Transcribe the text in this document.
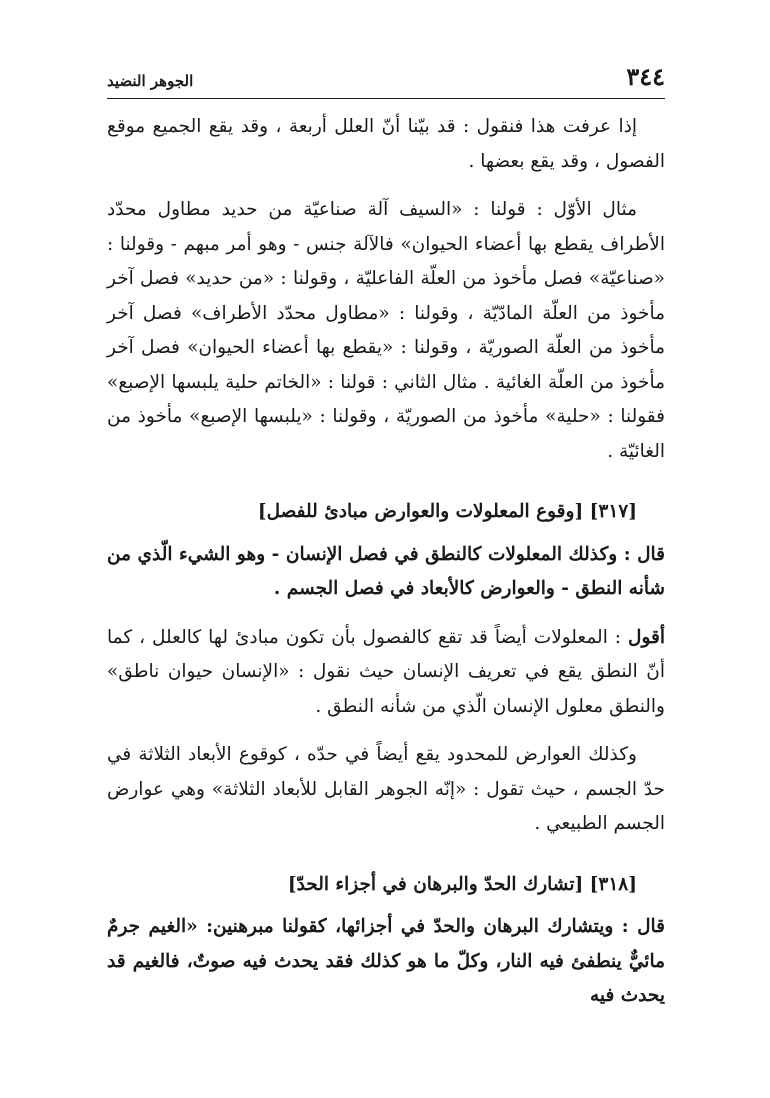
٣٤٤
الجوهر النضيد

إذا عرفت هذا فنقول : قد بيّنا أنّ العلل أربعة ، وقد يقع الجميع موقع الفصول ، وقد يقع بعضها .

مثال الأوّل : قولنا : «السيف آلة صناعيّة من حديد مطاول محدّد الأطراف يقطع بها أعضاء الحيوان» فالآلة جنس - وهو أمر مبهم - وقولنا : «صناعيّة» فصل مأخوذ من العلّة الفاعليّة ، وقولنا : «من حديد» فصل آخر مأخوذ من العلّة المادّيّة ، وقولنا : «مطاول محدّد الأطراف» فصل آخر مأخوذ من العلّة الصوريّة ، وقولنا : «يقطع بها أعضاء الحيوان» فصل آخر مأخوذ من العلّة الغائية . مثال الثاني : قولنا : «الخاتم حلية يلبسها الإصبع» فقولنا : «حلية» مأخوذ من الصوريّة ، وقولنا : «يلبسها الإصبع» مأخوذ من الغائيّة .

[٣١٧] [وقوع المعلولات والعوارض مبادئ للفصل]

قال : وكذلك المعلولات كالنطق في فصل الإنسان - وهو الشيء الّذي من شأنه النطق - والعوارض كالأبعاد في فصل الجسم .

أقول : المعلولات أيضاً قد تقع كالفصول بأن تكون مبادئ لها كالعلل ، كما أنّ النطق يقع في تعريف الإنسان حيث نقول : «الإنسان حيوان ناطق» والنطق معلول الإنسان الّذي من شأنه النطق .

وكذلك العوارض للمحدود يقع أيضاً في حدّه ، كوقوع الأبعاد الثلاثة في حدّ الجسم ، حيث تقول : «إنّه الجوهر القابل للأبعاد الثلاثة» وهي عوارض الجسم الطبيعي .

[٣١٨] [تشارك الحدّ والبرهان في أجزاء الحدّ]

قال : ويتشارك البرهان والحدّ في أجزائها، كقولنا مبرهنين: «الغيم جرمٌ مائيٌّ ينطفئ فيه النار، وكلّ ما هو كذلك فقد يحدث فيه صوتٌ، فالغيم قد يحدث فيه
